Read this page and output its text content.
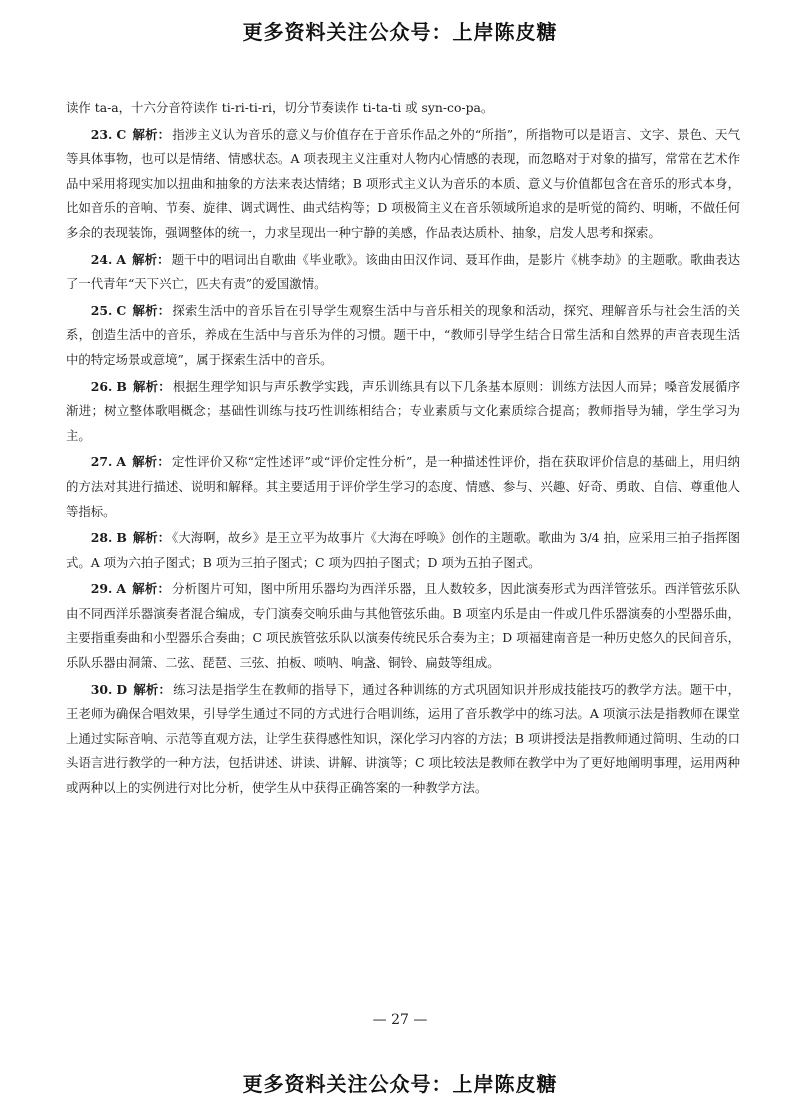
更多资料关注公众号：上岸陈皮糖

读作 ta-a，十六分音符读作 ti-ri-ti-ri，切分节奏读作 ti-ta-ti 或 syn-co-pa。

23. C 解析： 指涉主义认为音乐的意义与价值存在于音乐作品之外的“所指”，所指物可以是语言、文字、景色、天气等具体事物，也可以是情绪、情感状态。A 项表现主义注重对人物内心情感的表现，而忽略对于对象的描写，常常在艺术作品中采用将现实加以扭曲和抽象的方法来表达情绪；B 项形式主义认为音乐的本质、意义与价值都包含在音乐的形式本身，比如音乐的音响、节奏、旋律、调式调性、曲式结构等；D 项极简主义在音乐领域所追求的是听觉的简约、明晰，不做任何多余的表现装饰，强调整体的统一，力求呈现出一种宁静的美感，作品表达质朴、抽象，启发人思考和探索。

24. A 解析： 题干中的唱词出自歌曲《毕业歌》。该曲由田汉作词、聂耳作曲，是影片《桃李劫》的主题歌。歌曲表达了一代青年“天下兴亡，匹夫有责”的爱国激情。

25. C 解析： 探索生活中的音乐旨在引导学生观察生活中与音乐相关的现象和活动，探究、理解音乐与社会生活的关系，创造生活中的音乐，养成在生活中与音乐为伴的习惯。题干中，“教师引导学生结合日常生活和自然界的声音表现生活中的特定场景或意境”，属于探索生活中的音乐。

26. B 解析： 根据生理学知识与声乐教学实践，声乐训练具有以下几条基本原则：训练方法因人而异；嗓音发展循序渐进；树立整体歌唱概念；基础性训练与技巧性训练相结合；专业素质与文化素质综合提高；教师指导为辅，学生学习为主。

27. A 解析： 定性评价又称“定性述评”或“评价定性分析”，是一种描述性评价，指在获取评价信息的基础上，用归纳的方法对其进行描述、说明和解释。其主要适用于评价学生学习的态度、情感、参与、兴趣、好奇、勇敢、自信、尊重他人等指标。

28. B 解析： 《大海啊，故乡》是王立平为故事片《大海在呼唤》创作的主题歌。歌曲为 3/4 拍，应采用三拍子指挥图式。A 项为六拍子图式；B 项为三拍子图式；C 项为四拍子图式；D 项为五拍子图式。

29. A 解析： 分析图片可知，图中所用乐器均为西洋乐器，且人数较多，因此演奏形式为西洋管弦乐。西洋管弦乐队由不同西洋乐器演奏者混合编成，专门演奏交响乐曲与其他管弦乐曲。B 项室内乐是由一件或几件乐器演奏的小型器乐曲，主要指重奏曲和小型器乐合奏曲；C 项民族管弦乐队以演奏传统民乐合奏为主；D 项福建南音是一种历史悠久的民间音乐，乐队乐器由洞箫、二弦、琵琶、三弦、拍板、唢呐、响盏、铜铃、扁鼓等组成。

30. D 解析： 练习法是指学生在教师的指导下，通过各种训练的方式巩固知识并形成技能技巧的教学方法。题干中，王老师为确保合唱效果，引导学生通过不同的方式进行合唱训练，运用了音乐教学中的练习法。A 项演示法是指教师在课堂上通过实际音响、示范等直观方法，让学生获得感性知识，深化学习内容的方法；B 项讲授法是指教师通过简明、生动的口头语言进行教学的一种方法，包括讲述、讲读、讲解、讲演等；C 项比较法是教师在教学中为了更好地阐明事理，运用两种或两种以上的实例进行对比分析，使学生从中获得正确答案的一种教学方法。

— 27 —
更多资料关注公众号：上岸陈皮糖
